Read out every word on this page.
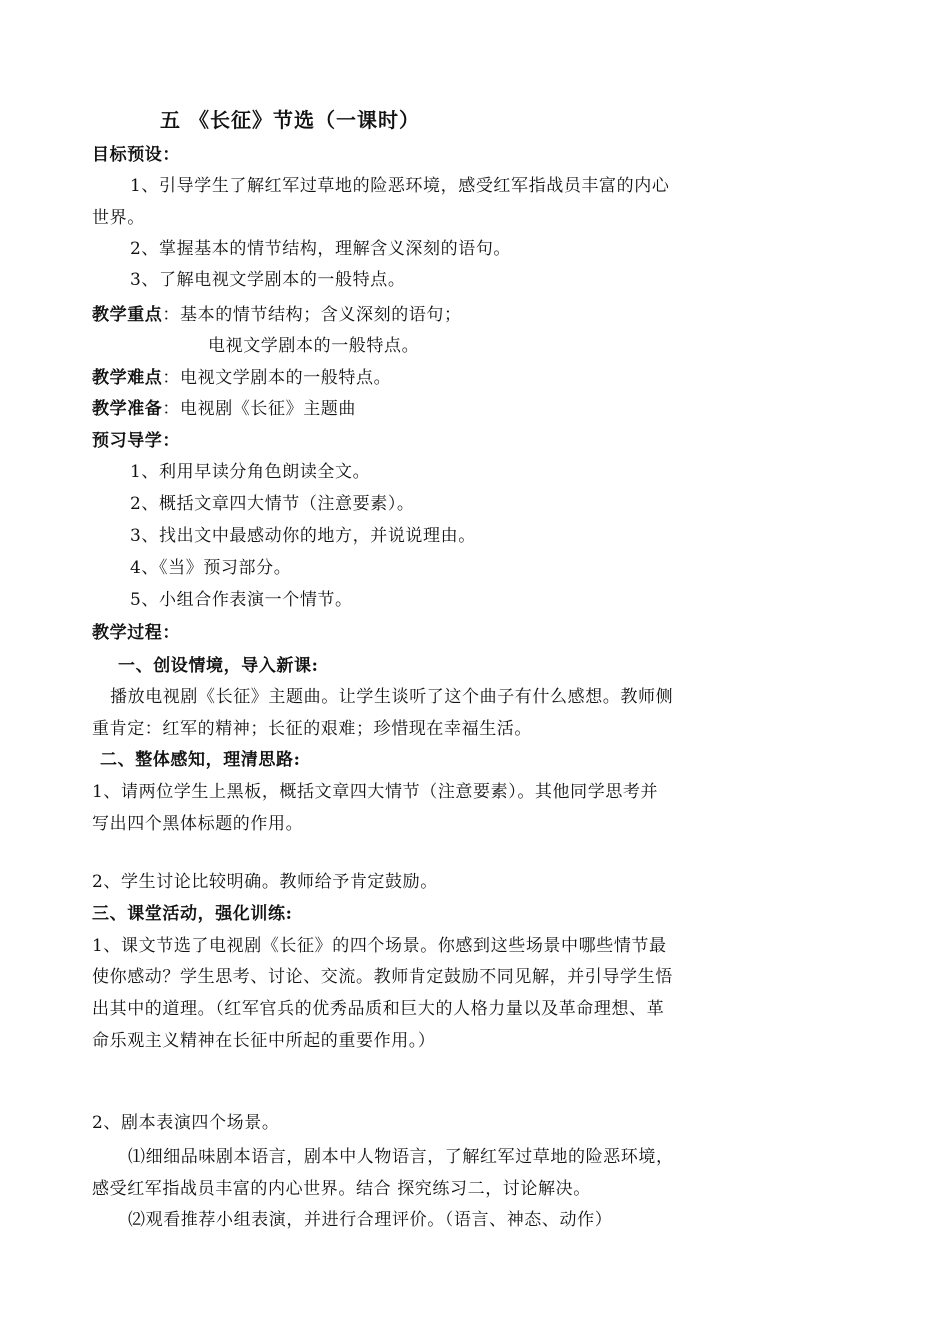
五 《长征》节选（一课时）
目标预设：
1、引导学生了解红军过草地的险恶环境，感受红军指战员丰富的内心
世界。
2、掌握基本的情节结构，理解含义深刻的语句。
3、了解电视文学剧本的一般特点。
教学重点：基本的情节结构；含义深刻的语句；
电视文学剧本的一般特点。
教学难点：电视文学剧本的一般特点。
教学准备：电视剧《长征》主题曲
预习导学：
1、利用早读分角色朗读全文。
2、概括文章四大情节（注意要素）。
3、找出文中最感动你的地方，并说说理由。
4、《当》预习部分。
5、小组合作表演一个情节。
教学过程：
一、创设情境，导入新课:
播放电视剧《长征》主题曲。让学生谈听了这个曲子有什么感想。教师侧
重肯定：红军的精神；长征的艰难；珍惜现在幸福生活。
二、整体感知，理清思路:
1、请两位学生上黑板，概括文章四大情节（注意要素）。其他同学思考并
写出四个黑体标题的作用。
2、学生讨论比较明确。教师给予肯定鼓励。
三、课堂活动，强化训练:
1、课文节选了电视剧《长征》的四个场景。你感到这些场景中哪些情节最
使你感动？学生思考、讨论、交流。教师肯定鼓励不同见解，并引导学生悟
出其中的道理。（红军官兵的优秀品质和巨大的人格力量以及革命理想、革
命乐观主义精神在长征中所起的重要作用。）
2、剧本表演四个场景。
⑴细细品味剧本语言，剧本中人物语言，了解红军过草地的险恶环境，
感受红军指战员丰富的内心世界。结合 探究练习二，讨论解决。
⑵观看推荐小组表演，并进行合理评价。（语言、神态、动作）
